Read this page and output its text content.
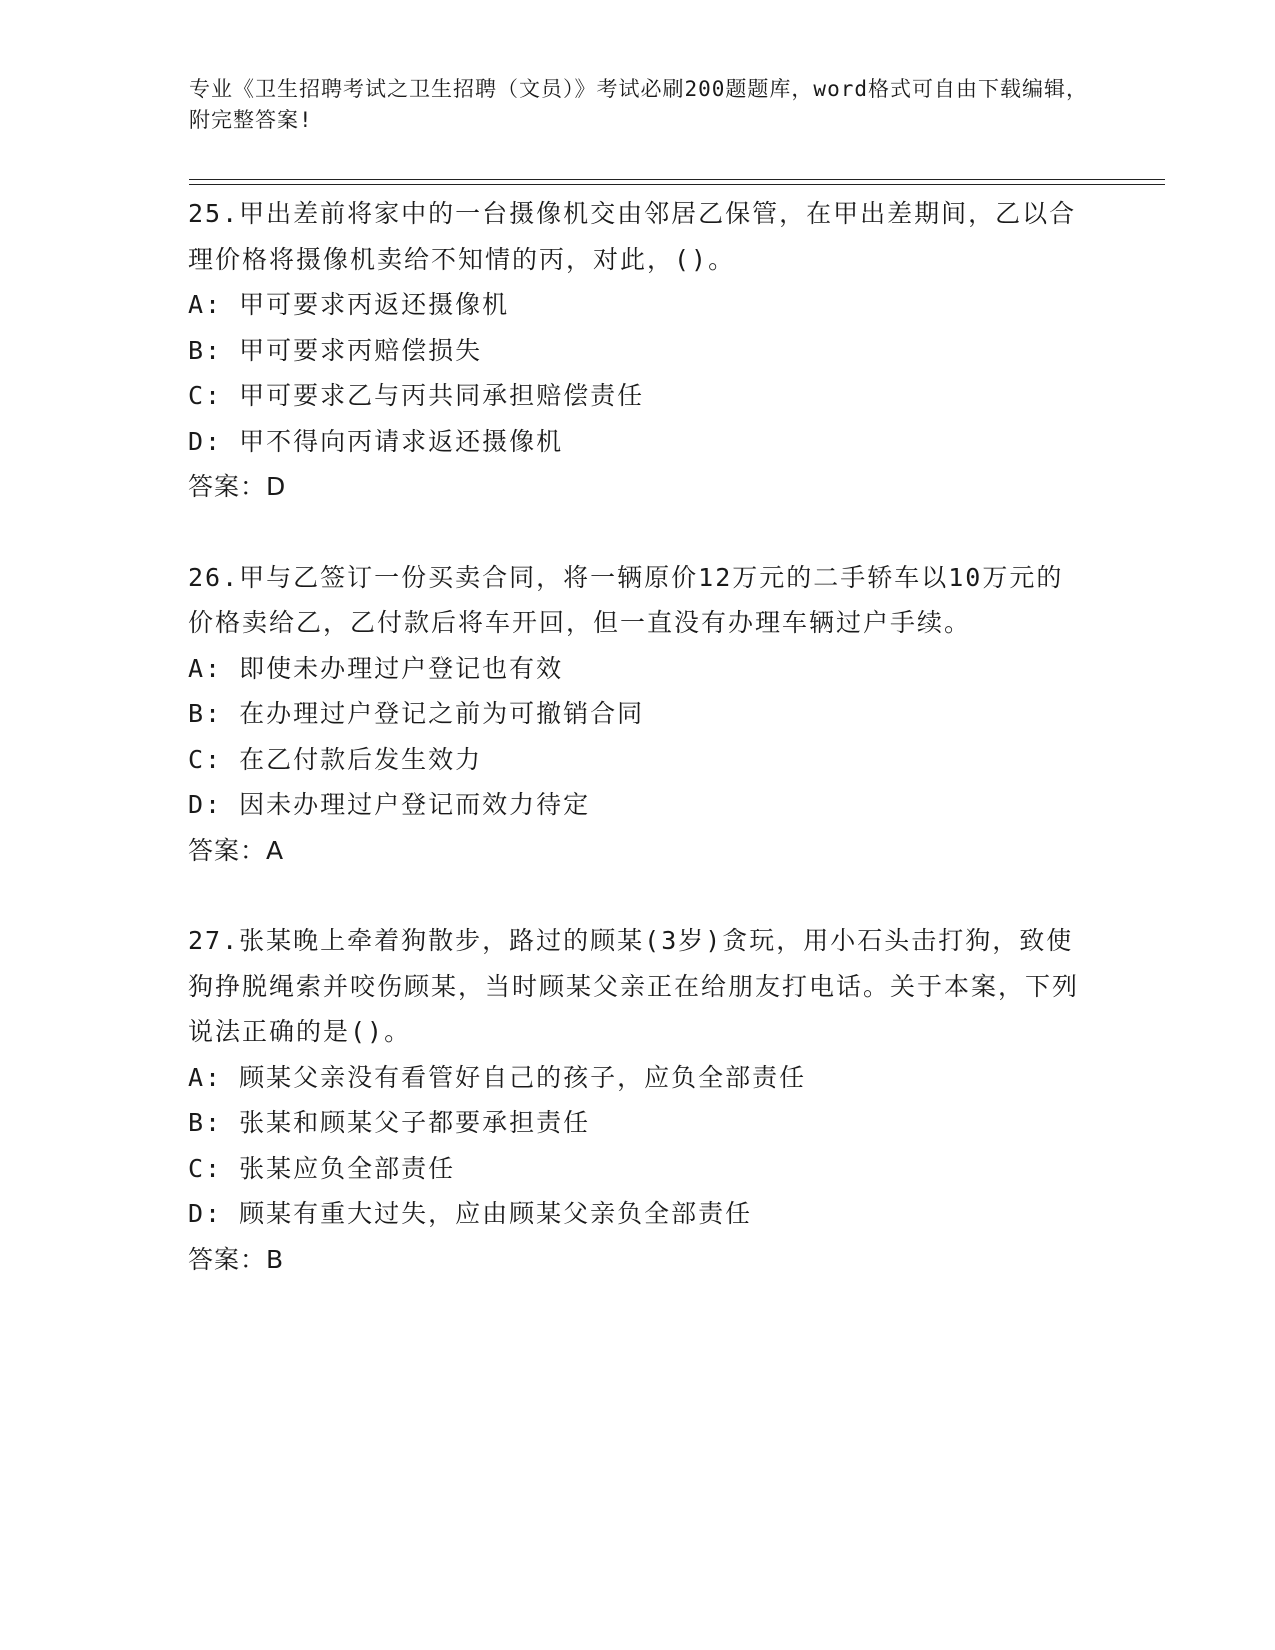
专业《卫生招聘考试之卫生招聘（文员）》考试必刷200题题库，word格式可自由下载编辑，附完整答案!

25.甲出差前将家中的一台摄像机交由邻居乙保管，在甲出差期间，乙以合理价格将摄像机卖给不知情的丙，对此，()。

A: 甲可要求丙返还摄像机

B: 甲可要求丙赔偿损失

C: 甲可要求乙与丙共同承担赔偿责任

D: 甲不得向丙请求返还摄像机

答案：D

26.甲与乙签订一份买卖合同，将一辆原价12万元的二手轿车以10万元的价格卖给乙，乙付款后将车开回，但一直没有办理车辆过户手续。

A: 即使未办理过户登记也有效

B: 在办理过户登记之前为可撤销合同

C: 在乙付款后发生效力

D: 因未办理过户登记而效力待定

答案：A

27.张某晚上牵着狗散步，路过的顾某(3岁)贪玩，用小石头击打狗，致使狗挣脱绳索并咬伤顾某，当时顾某父亲正在给朋友打电话。关于本案，下列说法正确的是()。

A: 顾某父亲没有看管好自己的孩子，应负全部责任

B: 张某和顾某父子都要承担责任

C: 张某应负全部责任

D: 顾某有重大过失，应由顾某父亲负全部责任

答案：B
